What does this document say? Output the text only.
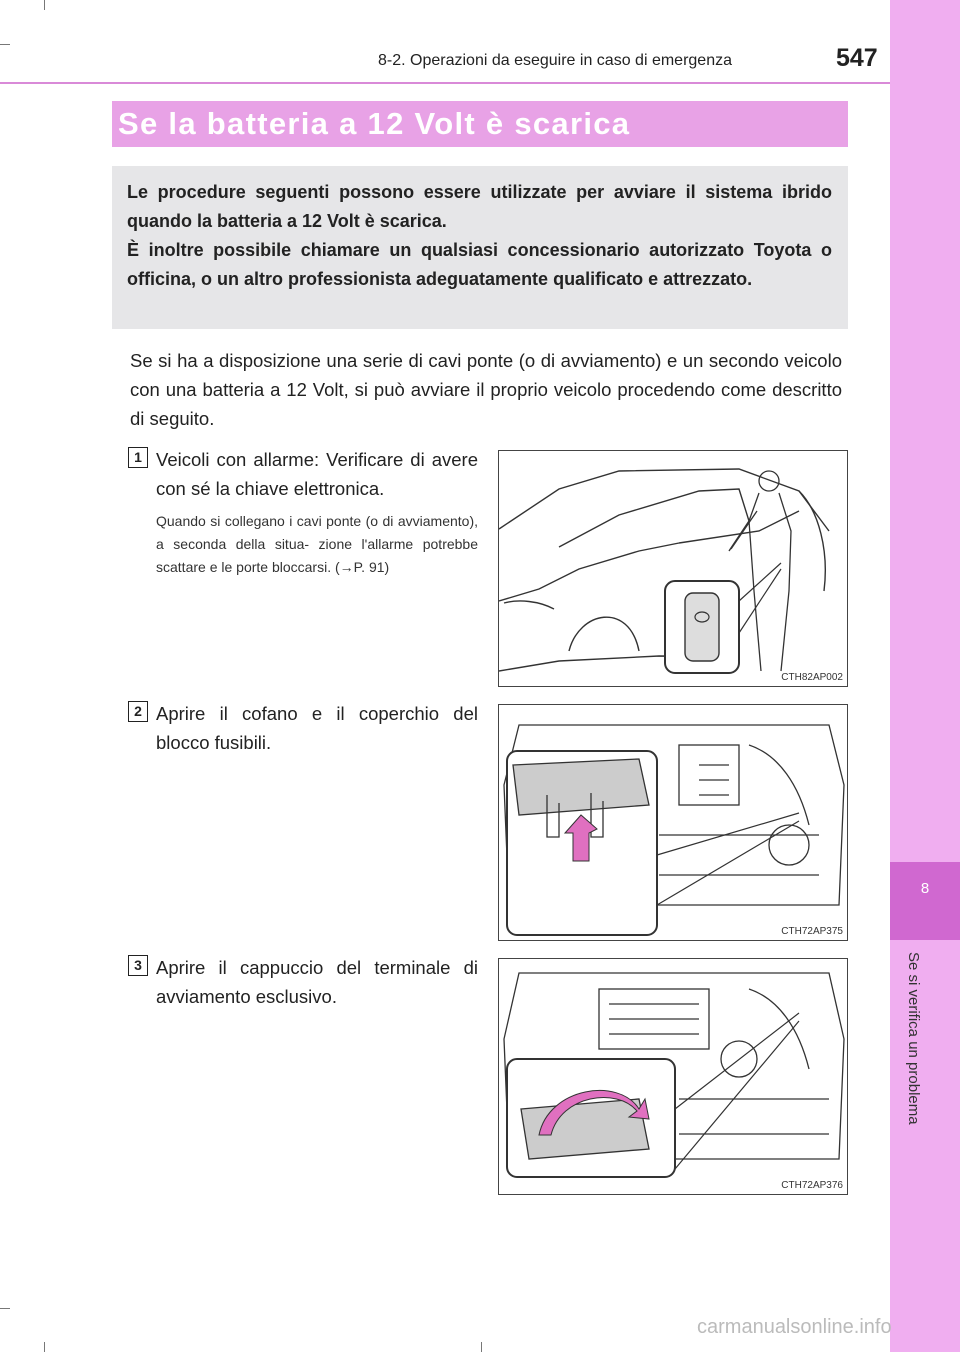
8-2. Operazioni da eseguire in caso di emergenza	547
8
Se si verifica un problema
Se la batteria a 12 Volt è scarica

Le procedure seguenti possono essere utilizzate per avviare il sistema ibrido quando la batteria a 12 Volt è scarica.

È inoltre possibile chiamare un qualsiasi concessionario autorizzato Toyota o officina, o un altro professionista adeguatamente qualificato e attrezzato.

Se si ha a disposizione una serie di cavi ponte (o di avviamento) e un secondo veicolo con una batteria a 12 Volt, si può avviare il proprio veicolo procedendo come descritto di seguito.

1 Veicoli con allarme: Verificare di avere con sé la chiave elettronica.

Quando si collegano i cavi ponte (o di avviamento), a seconda della situa- zione l'allarme potrebbe scattare e le porte bloccarsi. (→P. 91)

CTH82AP002
2 Aprire il cofano e il coperchio del blocco fusibili.

CTH72AP375
3 Aprire il cappuccio del terminale di avviamento esclusivo.

CTH72AP376
carmanualsonline.info
